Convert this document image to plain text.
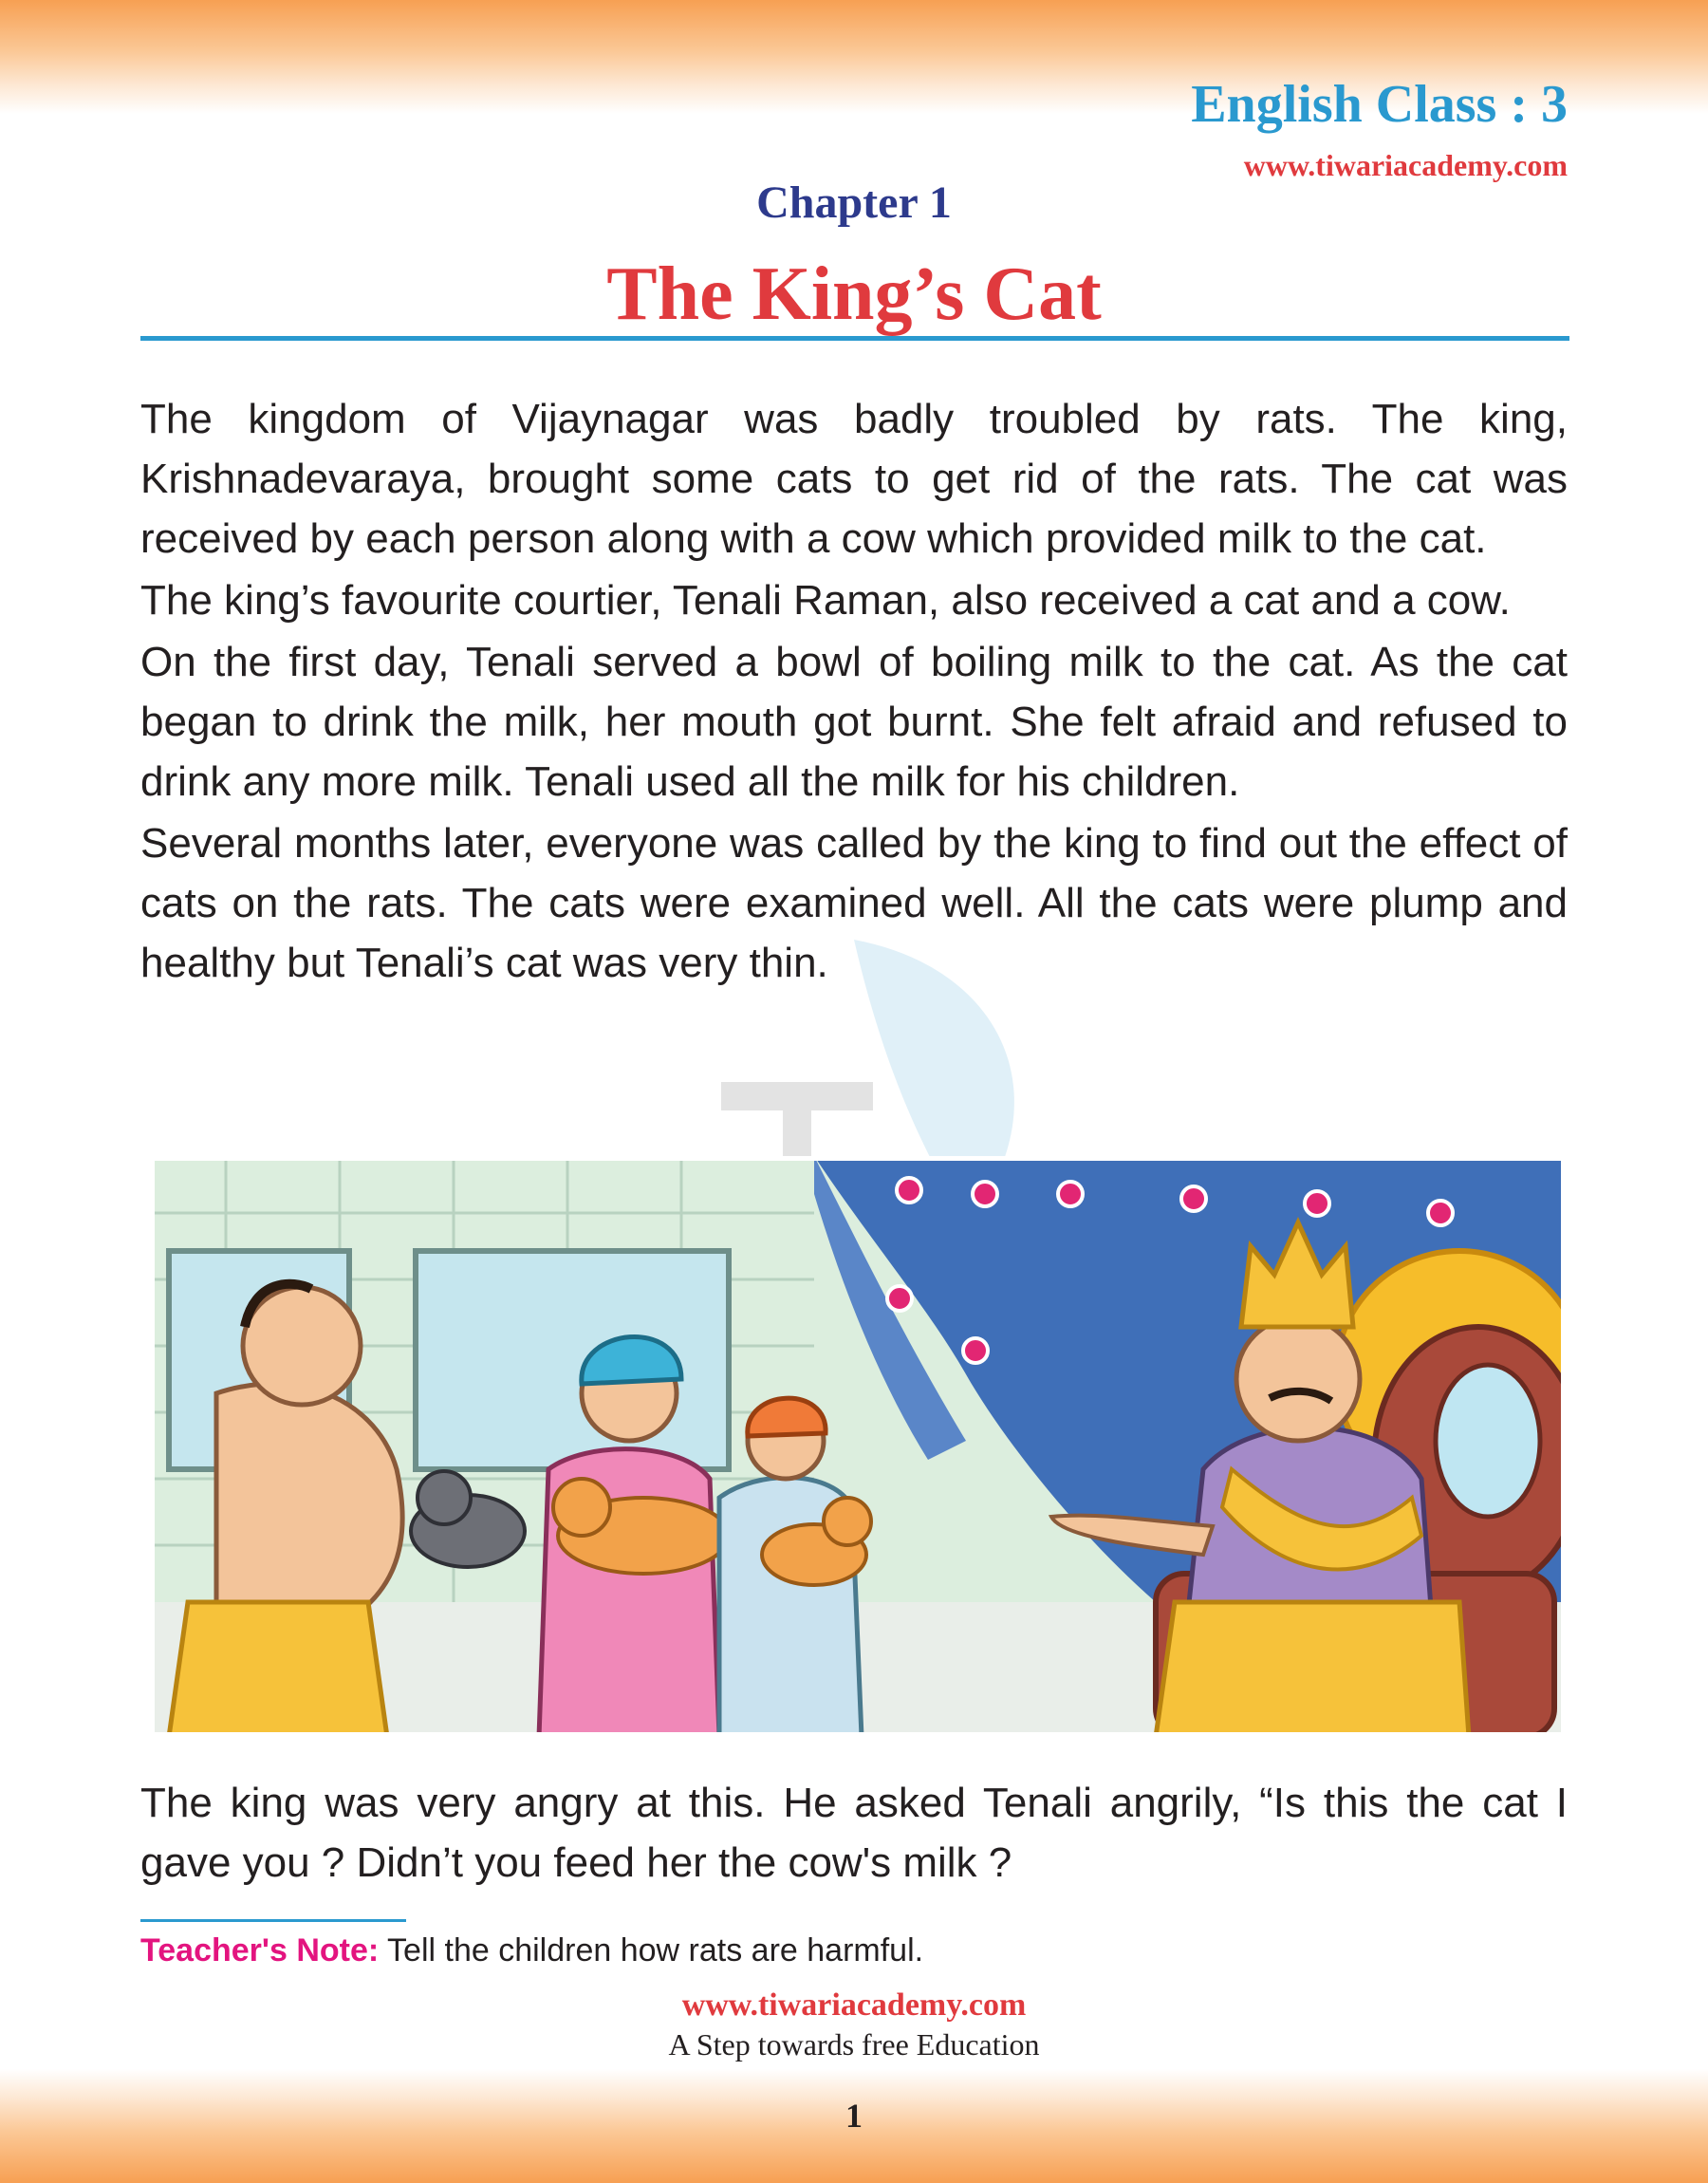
English Class : 3
www.tiwariacademy.com
Chapter 1
The King’s Cat

The kingdom of Vijaynagar was badly troubled by rats. The king, Krishnadevaraya, brought some cats to get rid of the rats. The cat was received by each person along with a cow which provided milk to the cat.

The king’s favourite courtier, Tenali Raman, also received a cat and a cow.

On the first day, Tenali served a bowl of boiling milk to the cat. As the cat began to drink the milk, her mouth got burnt. She felt afraid and refused to drink any more milk. Tenali used all the milk for his children.

Several months later, everyone was called by the king to find out the effect of cats on the rats. The cats were examined well. All the cats were plump and healthy but Tenali’s cat was very thin.

The king was very angry at this. He asked Tenali angrily, “Is this the cat I gave you ? Didn’t you feed her the cow's milk ?

Teacher's Note: Tell the children how rats are harmful.
www.tiwariacademy.com
A Step towards free Education
1
